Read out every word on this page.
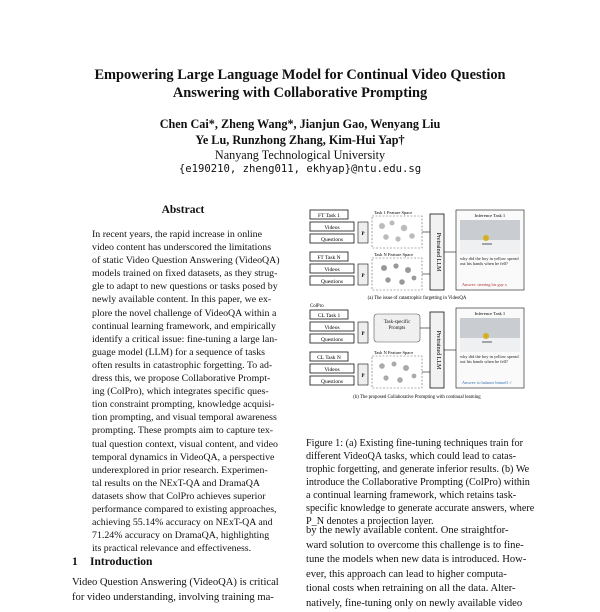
Empowering Large Language Model for Continual Video Question
Answering with Collaborative Prompting
Chen Cai*, Zheng Wang*, Jianjun Gao, Wenyang Liu
Ye Lu, Runzhong Zhang, Kim-Hui Yap†
Nanyang Technological University
{e190210, zheng011, ekhyap}@ntu.edu.sg
Abstract
In recent years, the rapid increase in online
video content has underscored the limitations
of static Video Question Answering (VideoQA)
models trained on fixed datasets, as they strug-
gle to adapt to new questions or tasks posed by
newly available content. In this paper, we ex-
plore the novel challenge of VideoQA within a
continual learning framework, and empirically
identify a critical issue: fine-tuning a large lan-
guage model (LLM) for a sequence of tasks
often results in catastrophic forgetting. To ad-
dress this, we propose Collaborative Prompt-
ing (ColPro), which integrates specific ques-
tion constraint prompting, knowledge acquisi-
tion prompting, and visual temporal awareness
prompting. These prompts aim to capture tex-
tual question context, visual content, and video
temporal dynamics in VideoQA, a perspective
underexplored in prior research. Experimen-
tal results on the NExT-QA and DramaQA
datasets show that ColPro achieves superior
performance compared to existing approaches,
achieving 55.14% accuracy on NExT-QA and
71.24% accuracy on DramaQA, highlighting
its practical relevance and effectiveness.
1 Introduction
Video Question Answering (VideoQA) is critical
for video understanding, involving training ma-
FT Task 1
Videos
Questions
P
Task 1 Feature Space
FT Task N
Videos
Questions
P
Task N Feature Space	Pretrained LLM
Inference Task 1
why did the boy in yellow spread out his hands when he fell?
Answer: steering his guy x
(a) The issue of catastrophic forgetting in VideoQA
ColPro
CL Task 1
Videos
Questions
P
Task-specific Prompts
CL Task N
Videos
Questions
P
Task N Feature Space	Pretrained LLM
Inference Task 1
why did the boy in yellow spread out his hands when he fell?
Answer: to balance himself ✓
(b) The proposed Collaborative Prompting with continual learning
Figure 1: (a) Existing fine-tuning techniques train for
different VideoQA tasks, which could lead to catas-
trophic forgetting, and generate inferior results. (b) We
introduce the Collaborative Prompting (ColPro) within
a continual learning framework, which retains task-
specific knowledge to generate accurate answers, where
P_N denotes a projection layer.
by the newly available content. One straightfor-
ward solution to overcome this challenge is to fine-
tune the models when new data is introduced. How-
ever, this approach can lead to higher computa-
tional costs when retraining on all the data. Alter-
natively, fine-tuning only on newly available video
